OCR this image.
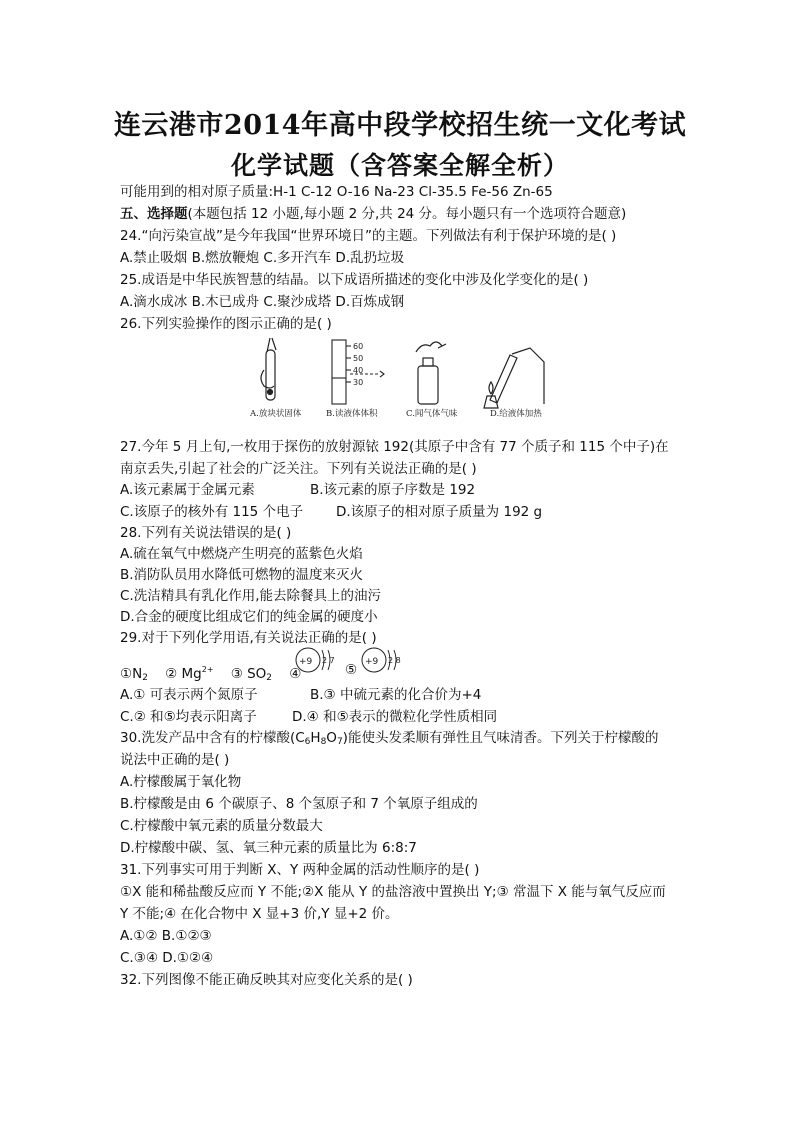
连云港市2014年高中段学校招生统一文化考试
化学试题（含答案全解全析）
可能用到的相对原子质量:H-1 C-12 O-16 Na-23 Cl-35.5 Fe-56 Zn-65
五、选择题(本题包括 12 小题,每小题 2 分,共 24 分。每小题只有一个选项符合题意)
24.“向污染宣战”是今年我国“世界环境日”的主题。下列做法有利于保护环境的是( )
A.禁止吸烟 B.燃放鞭炮 C.多开汽车 D.乱扔垃圾
25.成语是中华民族智慧的结晶。以下成语所描述的变化中涉及化学变化的是( )
A.滴水成冰 B.木已成舟 C.聚沙成塔 D.百炼成钢
26.下列实验操作的图示正确的是( )
60
50
40
30
A.放块状固体	B.读液体体积	C.闻气体气味	D.给液体加热
27.今年 5 月上旬,一枚用于探伤的放射源铱 192(其原子中含有 77 个质子和 115 个中子)在
南京丢失,引起了社会的广泛关注。下列有关说法正确的是( )
A.该元素属于金属元素	B.该元素的原子序数是 192
C.该原子的核外有 115 个电子 D.该原子的相对原子质量为 192 g
28.下列有关说法错误的是( )
A.硫在氧气中燃烧产生明亮的蓝紫色火焰
B.消防队员用水降低可燃物的温度来灭火
C.洗洁精具有乳化作用,能去除餐具上的油污
D.合金的硬度比组成它们的纯金属的硬度小
29.对于下列化学用语,有关说法正确的是( )
$①N_2$ ② $Mg^{2+}$ ③ $SO_2$ ④	⑤
+9 2 7	+9 2 8
A.① 可表示两个氮原子	B.③ 中硫元素的化合价为+4
C.② 和⑤均表示阳离子	D.④ 和⑤表示的微粒化学性质相同
30.洗发产品中含有的柠檬酸$(C_6H_8O_7)$能使头发柔顺有弹性且气味清香。下列关于柠檬酸的
说法中正确的是( )
A.柠檬酸属于氧化物
B.柠檬酸是由 6 个碳原子、8 个氢原子和 7 个氧原子组成的
C.柠檬酸中氧元素的质量分数最大
D.柠檬酸中碳、氢、氧三种元素的质量比为 6:8:7
31.下列事实可用于判断 X、Y 两种金属的活动性顺序的是( )
①X 能和稀盐酸反应而 Y 不能;②X 能从 Y 的盐溶液中置换出 Y;③ 常温下 X 能与氧气反应而
Y 不能;④ 在化合物中 X 显+3 价,Y 显+2 价。
A.①② B.①②③
C.③④ D.①②④
32.下列图像不能正确反映其对应变化关系的是( )
